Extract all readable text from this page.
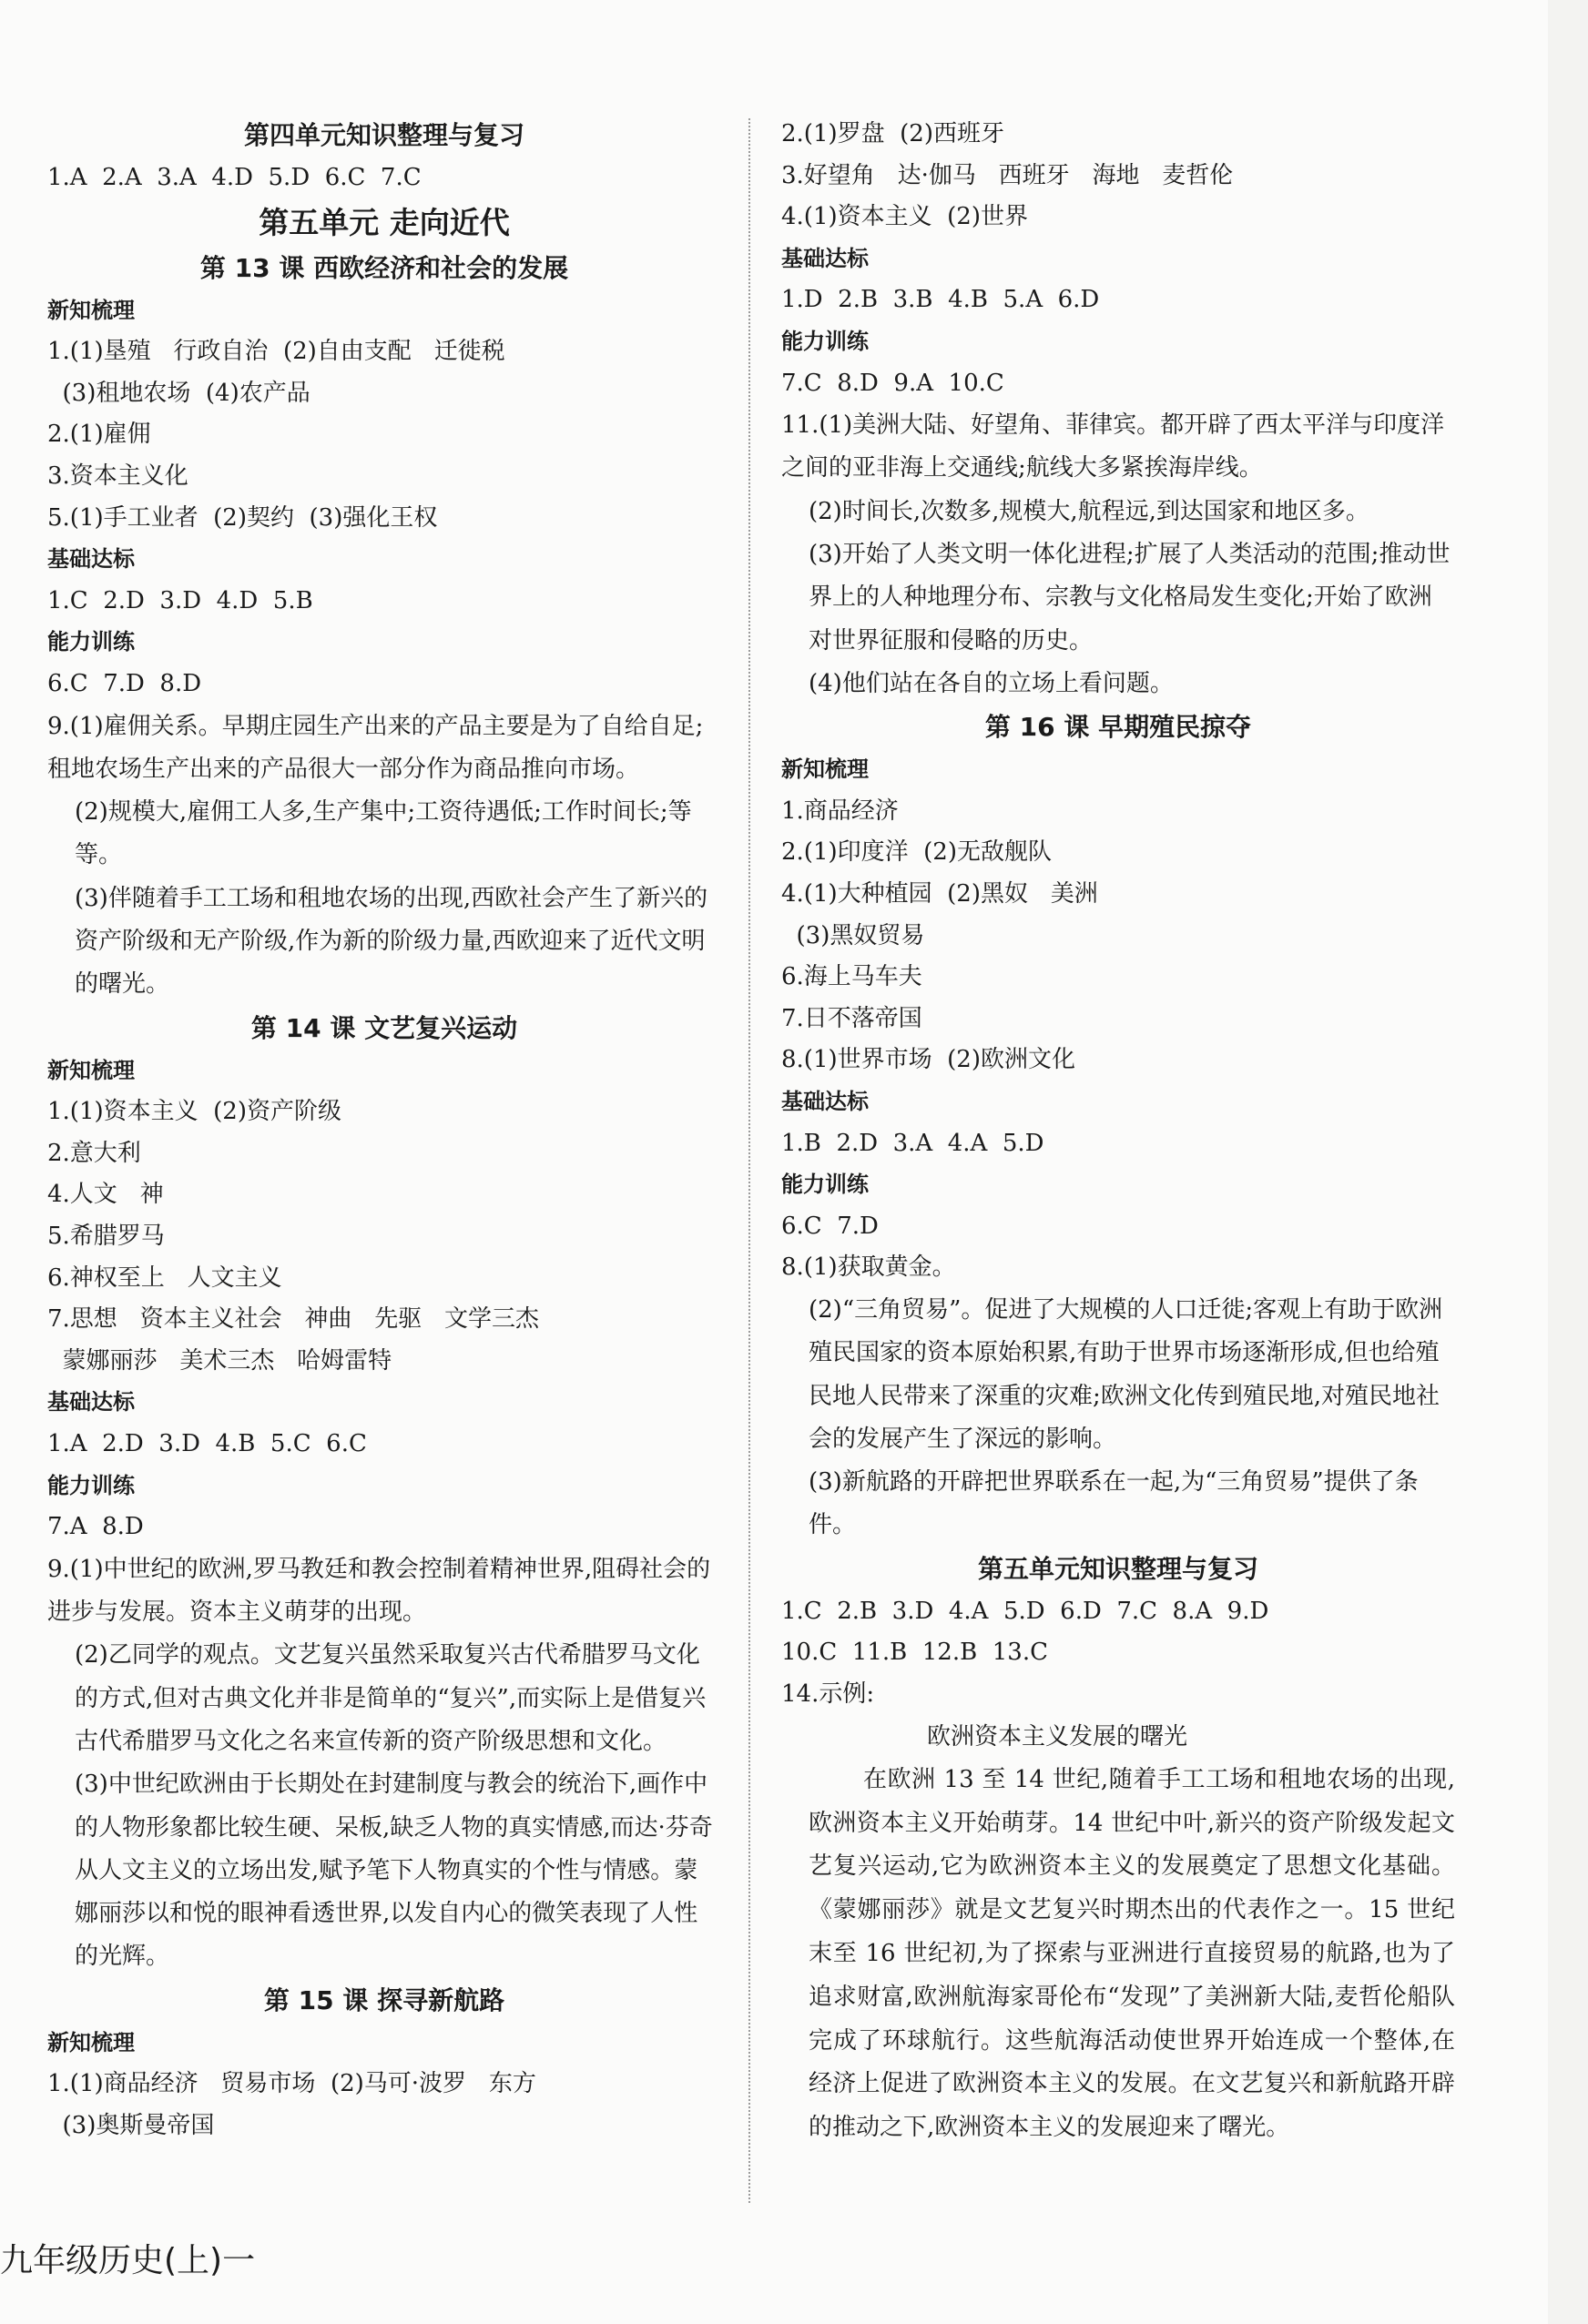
第四单元知识整理与复习
1.A  2.A  3.A  4.D  5.D  6.C  7.C
第五单元 走向近代
第 13 课 西欧经济和社会的发展
新知梳理
1.(1)垦殖   行政自治  (2)自由支配   迁徙税
(3)租地农场  (4)农产品
2.(1)雇佣
3.资本主义化
5.(1)手工业者  (2)契约  (3)强化王权
基础达标
1.C  2.D  3.D  4.D  5.B
能力训练
6.C  7.D  8.D
9.(1)雇佣关系。早期庄园生产出来的产品主要是为了自给自足;租地农场生产出来的产品很大一部分作为商品推向市场。
(2)规模大,雇佣工人多,生产集中;工资待遇低;工作时间长;等等。
(3)伴随着手工工场和租地农场的出现,西欧社会产生了新兴的资产阶级和无产阶级,作为新的阶级力量,西欧迎来了近代文明的曙光。
第 14 课 文艺复兴运动
新知梳理
1.(1)资本主义  (2)资产阶级
2.意大利
4.人文   神
5.希腊罗马
6.神权至上   人文主义
7.思想   资本主义社会   神曲   先驱   文学三杰
蒙娜丽莎   美术三杰   哈姆雷特
基础达标
1.A  2.D  3.D  4.B  5.C  6.C
能力训练
7.A  8.D
9.(1)中世纪的欧洲,罗马教廷和教会控制着精神世界,阻碍社会的进步与发展。资本主义萌芽的出现。
(2)乙同学的观点。文艺复兴虽然采取复兴古代希腊罗马文化的方式,但对古典文化并非是简单的“复兴”,而实际上是借复兴古代希腊罗马文化之名来宣传新的资产阶级思想和文化。
(3)中世纪欧洲由于长期处在封建制度与教会的统治下,画作中的人物形象都比较生硬、呆板,缺乏人物的真实情感,而达·芬奇从人文主义的立场出发,赋予笔下人物真实的个性与情感。蒙娜丽莎以和悦的眼神看透世界,以发自内心的微笑表现了人性的光辉。
第 15 课 探寻新航路
新知梳理
1.(1)商品经济   贸易市场  (2)马可·波罗   东方
(3)奥斯曼帝国
2.(1)罗盘  (2)西班牙
3.好望角   达·伽马   西班牙   海地   麦哲伦
4.(1)资本主义  (2)世界
基础达标
1.D  2.B  3.B  4.B  5.A  6.D
能力训练
7.C  8.D  9.A  10.C
11.(1)美洲大陆、好望角、菲律宾。都开辟了西太平洋与印度洋之间的亚非海上交通线;航线大多紧挨海岸线。
(2)时间长,次数多,规模大,航程远,到达国家和地区多。
(3)开始了人类文明一体化进程;扩展了人类活动的范围;推动世界上的人种地理分布、宗教与文化格局发生变化;开始了欧洲对世界征服和侵略的历史。
(4)他们站在各自的立场上看问题。
第 16 课 早期殖民掠夺
新知梳理
1.商品经济
2.(1)印度洋  (2)无敌舰队
4.(1)大种植园  (2)黑奴   美洲
(3)黑奴贸易
6.海上马车夫
7.日不落帝国
8.(1)世界市场  (2)欧洲文化
基础达标
1.B  2.D  3.A  4.A  5.D
能力训练
6.C  7.D
8.(1)获取黄金。
(2)“三角贸易”。促进了大规模的人口迁徙;客观上有助于欧洲殖民国家的资本原始积累,有助于世界市场逐渐形成,但也给殖民地人民带来了深重的灾难;欧洲文化传到殖民地,对殖民地社会的发展产生了深远的影响。
(3)新航路的开辟把世界联系在一起,为“三角贸易”提供了条件。
第五单元知识整理与复习
1.C  2.B  3.D  4.A  5.D  6.D  7.C  8.A  9.D
10.C  11.B  12.B  13.C
14.示例:
欧洲资本主义发展的曙光
在欧洲 13 至 14 世纪,随着手工工场和租地农场的出现,欧洲资本主义开始萌芽。14 世纪中叶,新兴的资产阶级发起文艺复兴运动,它为欧洲资本主义的发展奠定了思想文化基础。《蒙娜丽莎》就是文艺复兴时期杰出的代表作之一。15 世纪末至 16 世纪初,为了探索与亚洲进行直接贸易的航路,也为了追求财富,欧洲航海家哥伦布“发现”了美洲新大陆,麦哲伦船队完成了环球航行。这些航海活动使世界开始连成一个整体,在经济上促进了欧洲资本主义的发展。在文艺复兴和新航路开辟的推动之下,欧洲资本主义的发展迎来了曙光。
九年级历史(上)一
